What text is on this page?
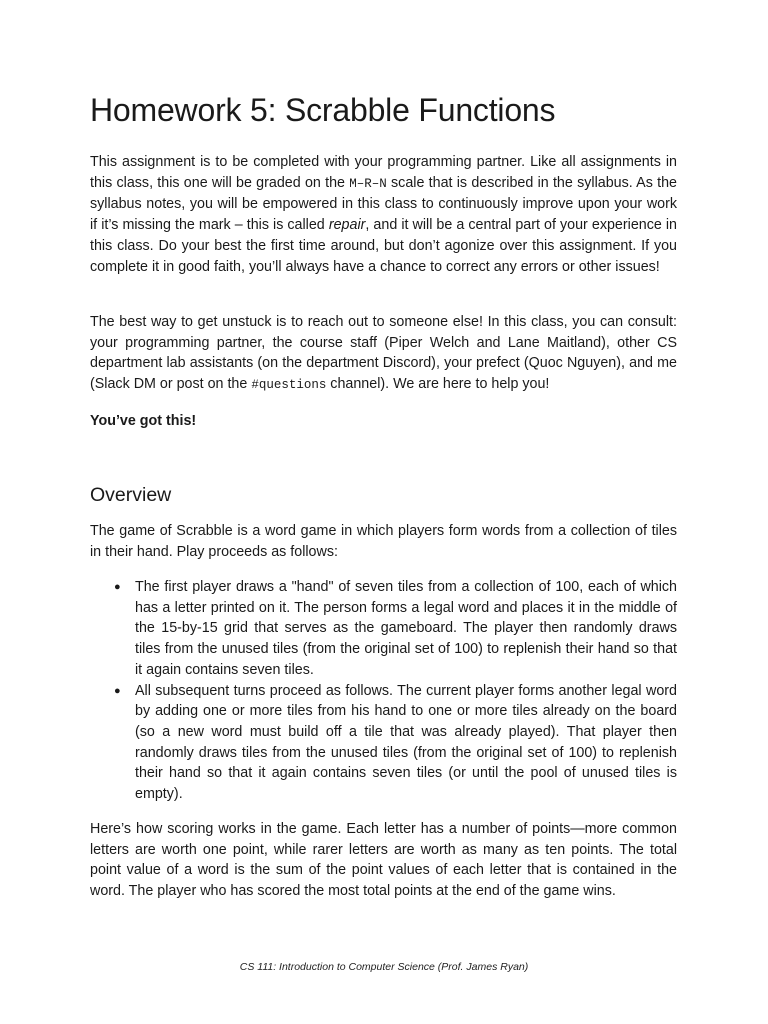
Homework 5: Scrabble Functions

This assignment is to be completed with your programming partner. Like all assignments in this class, this one will be graded on the M–R–N scale that is described in the syllabus. As the syllabus notes, you will be empowered in this class to continuously improve upon your work if it’s missing the mark – this is called repair, and it will be a central part of your experience in this class. Do your best the first time around, but don’t agonize over this assignment. If you complete it in good faith, you’ll always have a chance to correct any errors or other issues!

The best way to get unstuck is to reach out to someone else! In this class, you can consult: your programming partner, the course staff (Piper Welch and Lane Maitland), other CS department lab assistants (on the department Discord), your prefect (Quoc Nguyen), and me (Slack DM or post on the #questions channel). We are here to help you!

You’ve got this!

Overview

The game of Scrabble is a word game in which players form words from a collection of tiles in their hand. Play proceeds as follows:

● The first player draws a "hand" of seven tiles from a collection of 100, each of which has a letter printed on it. The person forms a legal word and places it in the middle of the 15-by-15 grid that serves as the gameboard. The player then randomly draws tiles from the unused tiles (from the original set of 100) to replenish their hand so that it again contains seven tiles.
● All subsequent turns proceed as follows. The current player forms another legal word by adding one or more tiles from his hand to one or more tiles already on the board (so a new word must build off a tile that was already played). That player then randomly draws tiles from the unused tiles (from the original set of 100) to replenish their hand so that it again contains seven tiles (or until the pool of unused tiles is empty).

Here’s how scoring works in the game. Each letter has a number of points—more common letters are worth one point, while rarer letters are worth as many as ten points. The total point value of a word is the sum of the point values of each letter that is contained in the word. The player who has scored the most total points at the end of the game wins.

CS 111: Introduction to Computer Science (Prof. James Ryan)
